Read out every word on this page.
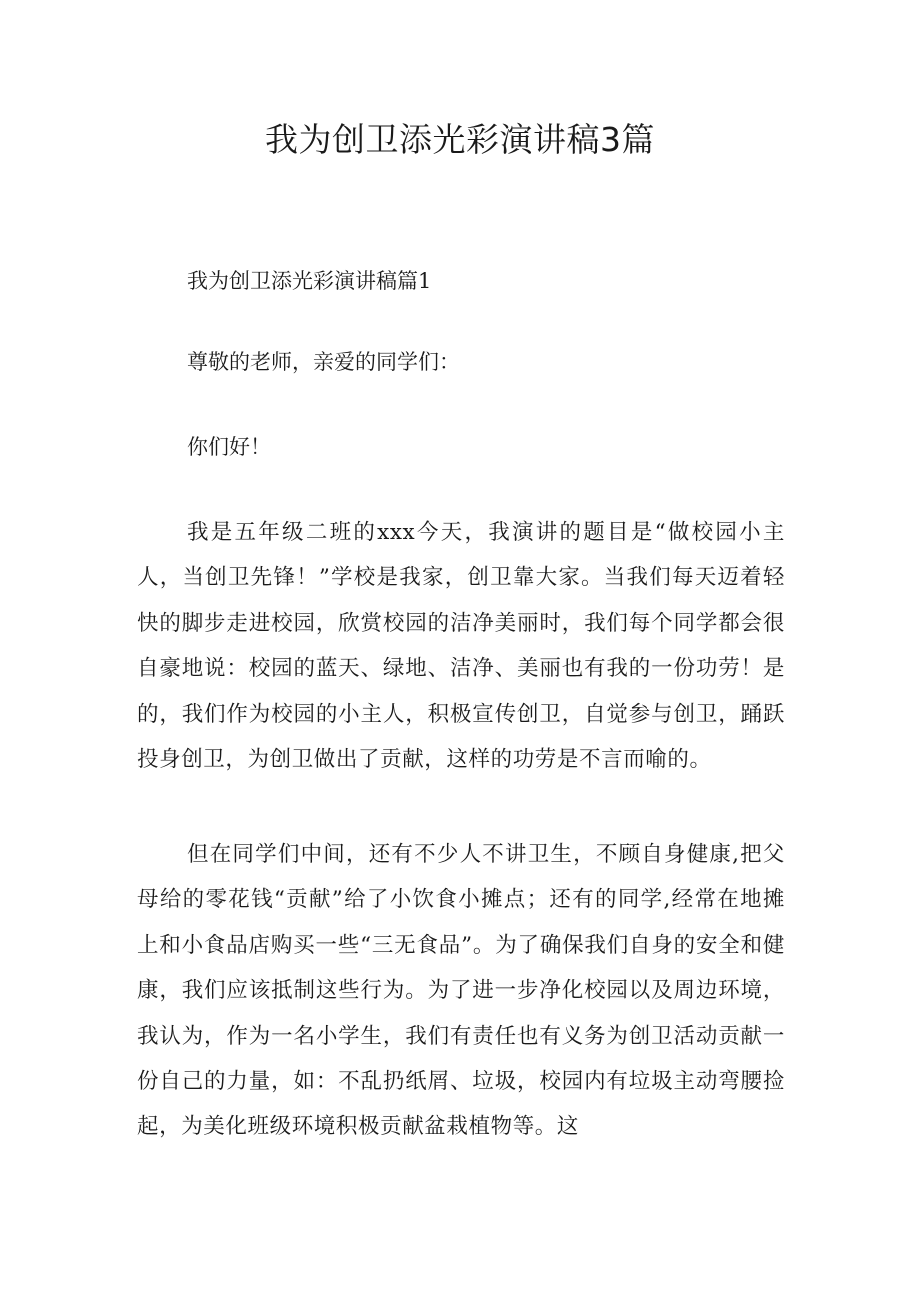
我为创卫添光彩演讲稿3篇

我为创卫添光彩演讲稿篇1

尊敬的老师，亲爱的同学们：

你们好！

我是五年级二班的xxx今天，我演讲的题目是“做校园小主人，当创卫先锋！”学校是我家，创卫靠大家。当我们每天迈着轻快的脚步走进校园，欣赏校园的洁净美丽时，我们每个同学都会很自豪地说：校园的蓝天、绿地、洁净、美丽也有我的一份功劳！是的，我们作为校园的小主人，积极宣传创卫，自觉参与创卫，踊跃投身创卫，为创卫做出了贡献，这样的功劳是不言而喻的。

但在同学们中间，还有不少人不讲卫生，不顾自身健康,把父母给的零花钱“贡献”给了小饮食小摊点；还有的同学,经常在地摊上和小食品店购买一些“三无食品”。为了确保我们自身的安全和健康，我们应该抵制这些行为。为了进一步净化校园以及周边环境，我认为，作为一名小学生，我们有责任也有义务为创卫活动贡献一份自己的力量，如：不乱扔纸屑、垃圾，校园内有垃圾主动弯腰捡起，为美化班级环境积极贡献盆栽植物等。这
